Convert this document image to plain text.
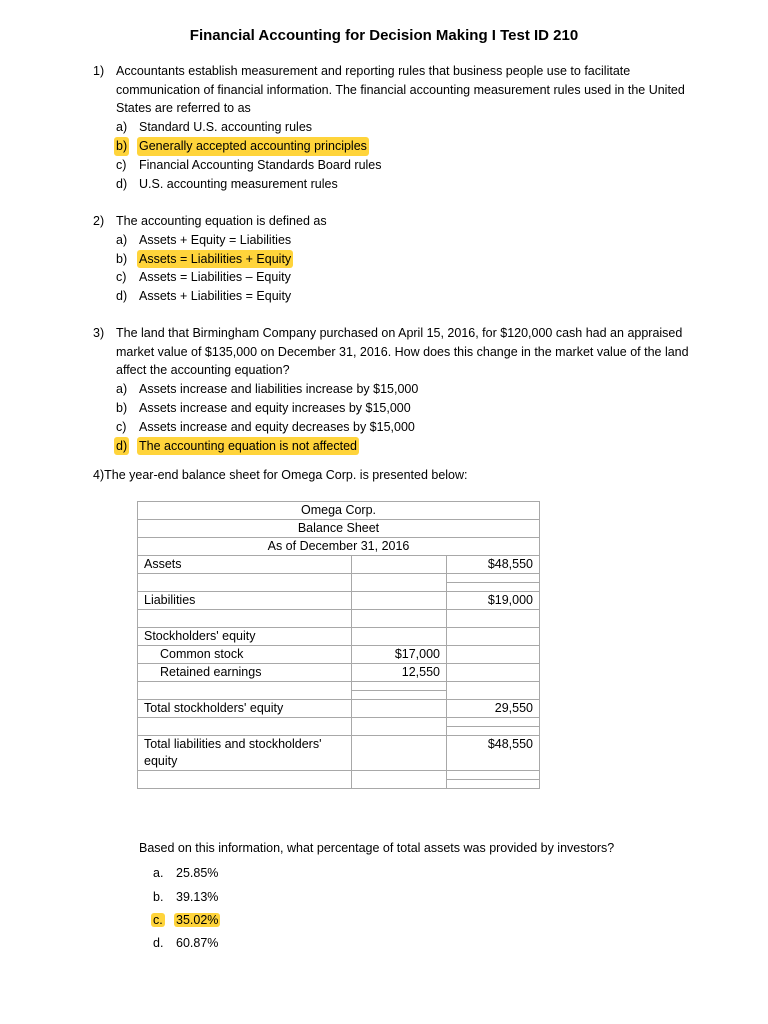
Financial Accounting for Decision Making I Test ID 210
1) Accountants establish measurement and reporting rules that business people use to facilitate communication of financial information. The financial accounting measurement rules used in the United States are referred to as
a) Standard U.S. accounting rules
b) Generally accepted accounting principles
c) Financial Accounting Standards Board rules
d) U.S. accounting measurement rules
2) The accounting equation is defined as
a) Assets + Equity = Liabilities
b) Assets = Liabilities + Equity
c) Assets = Liabilities – Equity
d) Assets + Liabilities = Equity
3) The land that Birmingham Company purchased on April 15, 2016, for $120,000 cash had an appraised market value of $135,000 on December 31, 2016. How does this change in the market value of the land affect the accounting equation?
a) Assets increase and liabilities increase by $15,000
b) Assets increase and equity increases by $15,000
c) Assets increase and equity decreases by $15,000
d) The accounting equation is not affected
4)The year-end balance sheet for Omega Corp. is presented below:
Omega Corp.		
Balance Sheet		
As of December 31, 2016		
Assets		$48,550

Liabilities		$19,000

Stockholders' equity		
Common stock	$17,000	
Retained earnings	12,550	

Total stockholders' equity		29,550

Total liabilities and stockholders' equity		$48,550

Based on this information, what percentage of total assets was provided by investors?
a. 25.85%
b. 39.13%
c. 35.02%
d. 60.87%
